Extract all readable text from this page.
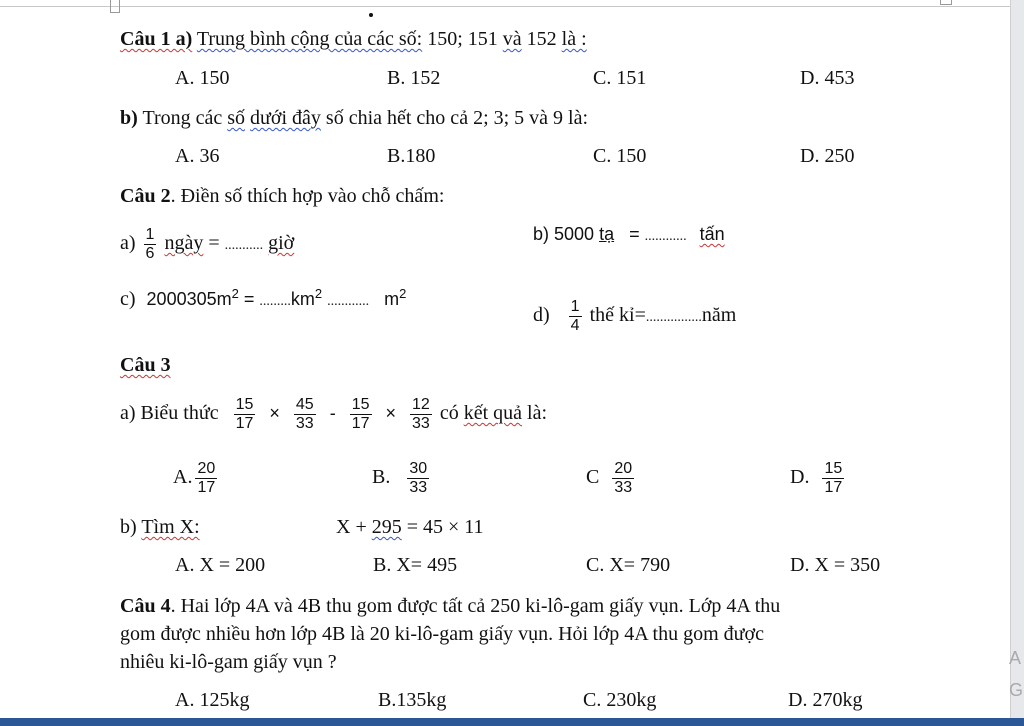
Câu 1 a) Trung bình cộng của các số: 150; 151 và 152 là :
A. 150	B. 152	C. 151	D. 453
b) Trong các số dưới đây số chia hết cho cả 2; 3; 5 và 9 là:
A. 36	B.180	C. 150	D. 250
Câu 2. Điền số thích hợp vào chỗ chấm:
$a) \frac{1}{6}$ ngày = ........... giờ	b) 5000 tạ = ............ tấn
c) $2000305m^2 = .........km^2$ ............ $m^2$
$d) \frac{1}{4}$ thế kỉ=................năm
Câu 3
a) Biểu thức $\frac{15}{17} \times \frac{45}{33} - \frac{15}{17} \times \frac{12}{33}$ có kết quả là:
A. $\frac{20}{17}$	B. $\frac{30}{33}$	C $\frac{20}{33}$	D. $\frac{15}{17}$
b) Tìm X:	X + 295 = 45 × 11
A. X = 200	B. X= 495	C. X= 790	D. X = 350
Câu 4. Hai lớp 4A và 4B thu gom được tất cả 250 ki-lô-gam giấy vụn. Lớp 4A thu
gom được nhiều hơn lớp 4B là 20 ki-lô-gam giấy vụn. Hỏi lớp 4A thu gom được
nhiêu ki-lô-gam giấy vụn ?
A. 125kg	B.135kg	C. 230kg	D. 270kg
A
G
